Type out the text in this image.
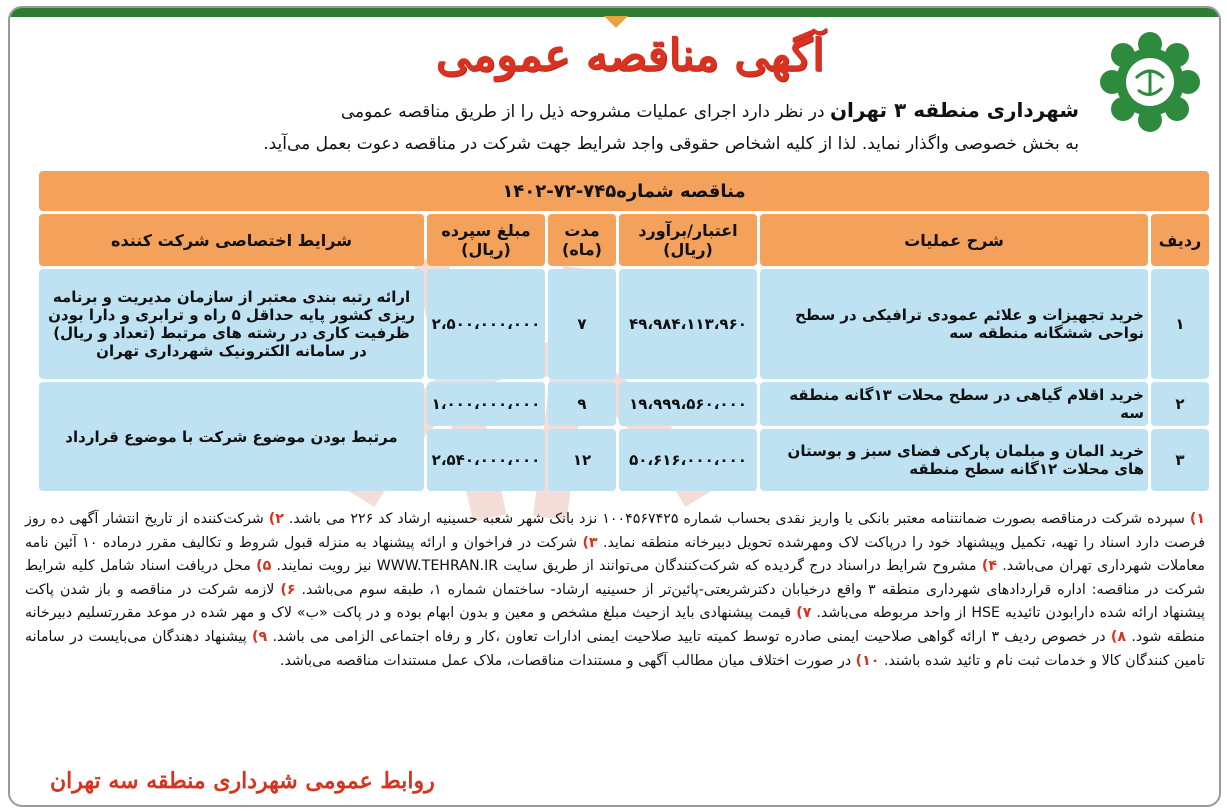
آگهی مناقصه عمومی
شهرداری منطقه ۳ تهران در نظر دارد اجرای عملیات مشروحه ذیل را از طریق مناقصه عمومی
به بخش خصوصی واگذار نماید. لذا از کلیه اشخاص حقوقی واجد شرایط جهت شرکت در مناقصه دعوت بعمل می‌آید.
مناقصه شماره۷۴۵-۷۲-۱۴۰۲					
ردیف	شرح عملیات	اعتبار/برآورد (ریال)	مدت (ماه)	مبلغ سپرده (ریال)	شرایط اختصاصی شرکت کننده
۱	خرید تجهیزات و علائم عمودی ترافیکی در سطح نواحی ششگانه منطقه سه	۴۹،۹۸۴،۱۱۳،۹۶۰	۷	۲،۵۰۰،۰۰۰،۰۰۰	ارائه رتبه بندی معتبر از سازمان مدیریت و برنامه ریزی کشور پایه حداقل ۵ راه و ترابری و دارا بودن ظرفیت کاری در رشته های مرتبط (تعداد و ریال) در سامانه الکترونیک شهرداری تهران
۲	خرید اقلام گیاهی در سطح محلات ۱۳گانه منطقه سه	۱۹،۹۹۹،۵۶۰،۰۰۰	۹	۱،۰۰۰،۰۰۰،۰۰۰	مرتبط بودن موضوع شرکت با موضوع قرارداد
۳	خرید المان و مبلمان پارکی فضای سبز و بوستان های محلات ۱۲گانه سطح منطقه	۵۰،۶۱۶،۰۰۰،۰۰۰	۱۲	۲،۵۴۰،۰۰۰،۰۰۰	
۱) سپرده شرکت درمناقصه بصورت ضمانتنامه معتبر بانکی یا واریز نقدی بحساب شماره ۱۰۰۴۵۶۷۴۲۵ نزد بانک شهر شعبه حسینیه ارشاد کد ۲۲۶ می باشد. ۲) شرکت‌کننده از تاریخ انتشار آگهی ده روز فرصت دارد اسناد را تهیه، تکمیل وپیشنهاد خود را درپاکت لاک ومهرشده تحویل دبیرخانه منطقه نماید. ۳) شرکت در فراخوان و ارائه پیشنهاد به منزله قبول شروط و تکالیف مقرر درماده ۱۰ آئین نامه معاملات شهرداری تهران می‌باشد. ۴) مشروح شرایط دراسناد درج گردیده که شرکت‌کنندگان می‌توانند از طریق سایت WWW.TEHRAN.IR نیز رویت نمایند. ۵) محل دریافت اسناد شامل کلیه شرایط شرکت در مناقصه: اداره قراردادهای شهرداری منطقه ۳ واقع درخیابان دکترشریعتی-پائین‌تر از حسینیه ارشاد- ساختمان شماره ۱، طبقه سوم می‌باشد. ۶) لازمه شرکت در مناقصه و باز شدن پاکت پیشنهاد ارائه شده دارابودن تائیدیه HSE از واحد مربوطه می‌باشد. ۷) قیمت پیشنهادی باید ازحیث مبلغ مشخص و معین و بدون ابهام بوده و در پاکت «ب» لاک و مهر شده در موعد مقررتسلیم دبیرخانه منطقه شود. ۸) در خصوص ردیف ۳ ارائه گواهی صلاحیت ایمنی صادره توسط کمیته تایید صلاحیت ایمنی ادارات تعاون ،کار و رفاه اجتماعی الزامی می باشد. ۹) پیشنهاد دهندگان می‌بایست در سامانه تامین کنندگان کالا و خدمات ثبت نام و تائید شده باشند. ۱۰) در صورت اختلاف میان مطالب آگهی و مستندات مناقصات، ملاک عمل مستندات مناقصه می‌باشد.
روابط عمومی شهرداری منطقه سه تهران
